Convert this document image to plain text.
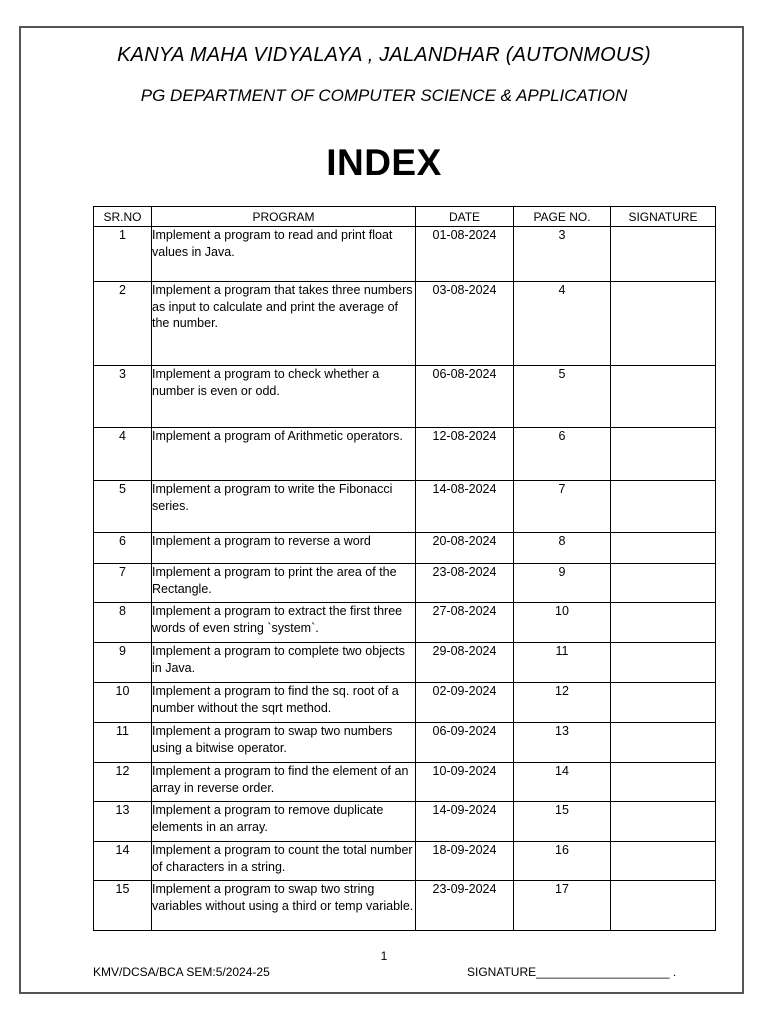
KANYA MAHA VIDYALAYA , JALANDHAR (AUTONMOUS)
PG DEPARTMENT OF COMPUTER SCIENCE & APPLICATION
INDEX
SR.NO	PROGRAM	DATE	PAGE NO.	SIGNATURE
1	Implement a program to read and print float values in Java.	01-08-2024	3	
2	Implement a program that takes three numbers as input to calculate and print the average of the number.	03-08-2024	4	
3	Implement a program to check whether a number is even or odd.	06-08-2024	5	
4	Implement a program of Arithmetic operators.	12-08-2024	6	
5	Implement a program to write the Fibonacci series.	14-08-2024	7	
6	Implement a program to reverse a word	20-08-2024	8	
7	Implement a program to print the area of the Rectangle.	23-08-2024	9	
8	Implement a program to extract the first three words of even string `system`.	27-08-2024	10	
9	Implement a program to complete two objects in Java.	29-08-2024	11	
10	Implement a program to find the sq. root of a number without the sqrt method.	02-09-2024	12	
11	Implement a program to swap two numbers using a bitwise operator.	06-09-2024	13	
12	Implement a program to find the element of an array in reverse order.	10-09-2024	14	
13	Implement a program to remove duplicate elements in an array.	14-09-2024	15	
14	Implement a program to count the total number of characters in a string.	18-09-2024	16	
15	Implement a program to swap two string variables without using a third or temp variable.	23-09-2024	17	
1
KMV/DCSA/BCA SEM:5/2024-25	SIGNATURE____________________ .
